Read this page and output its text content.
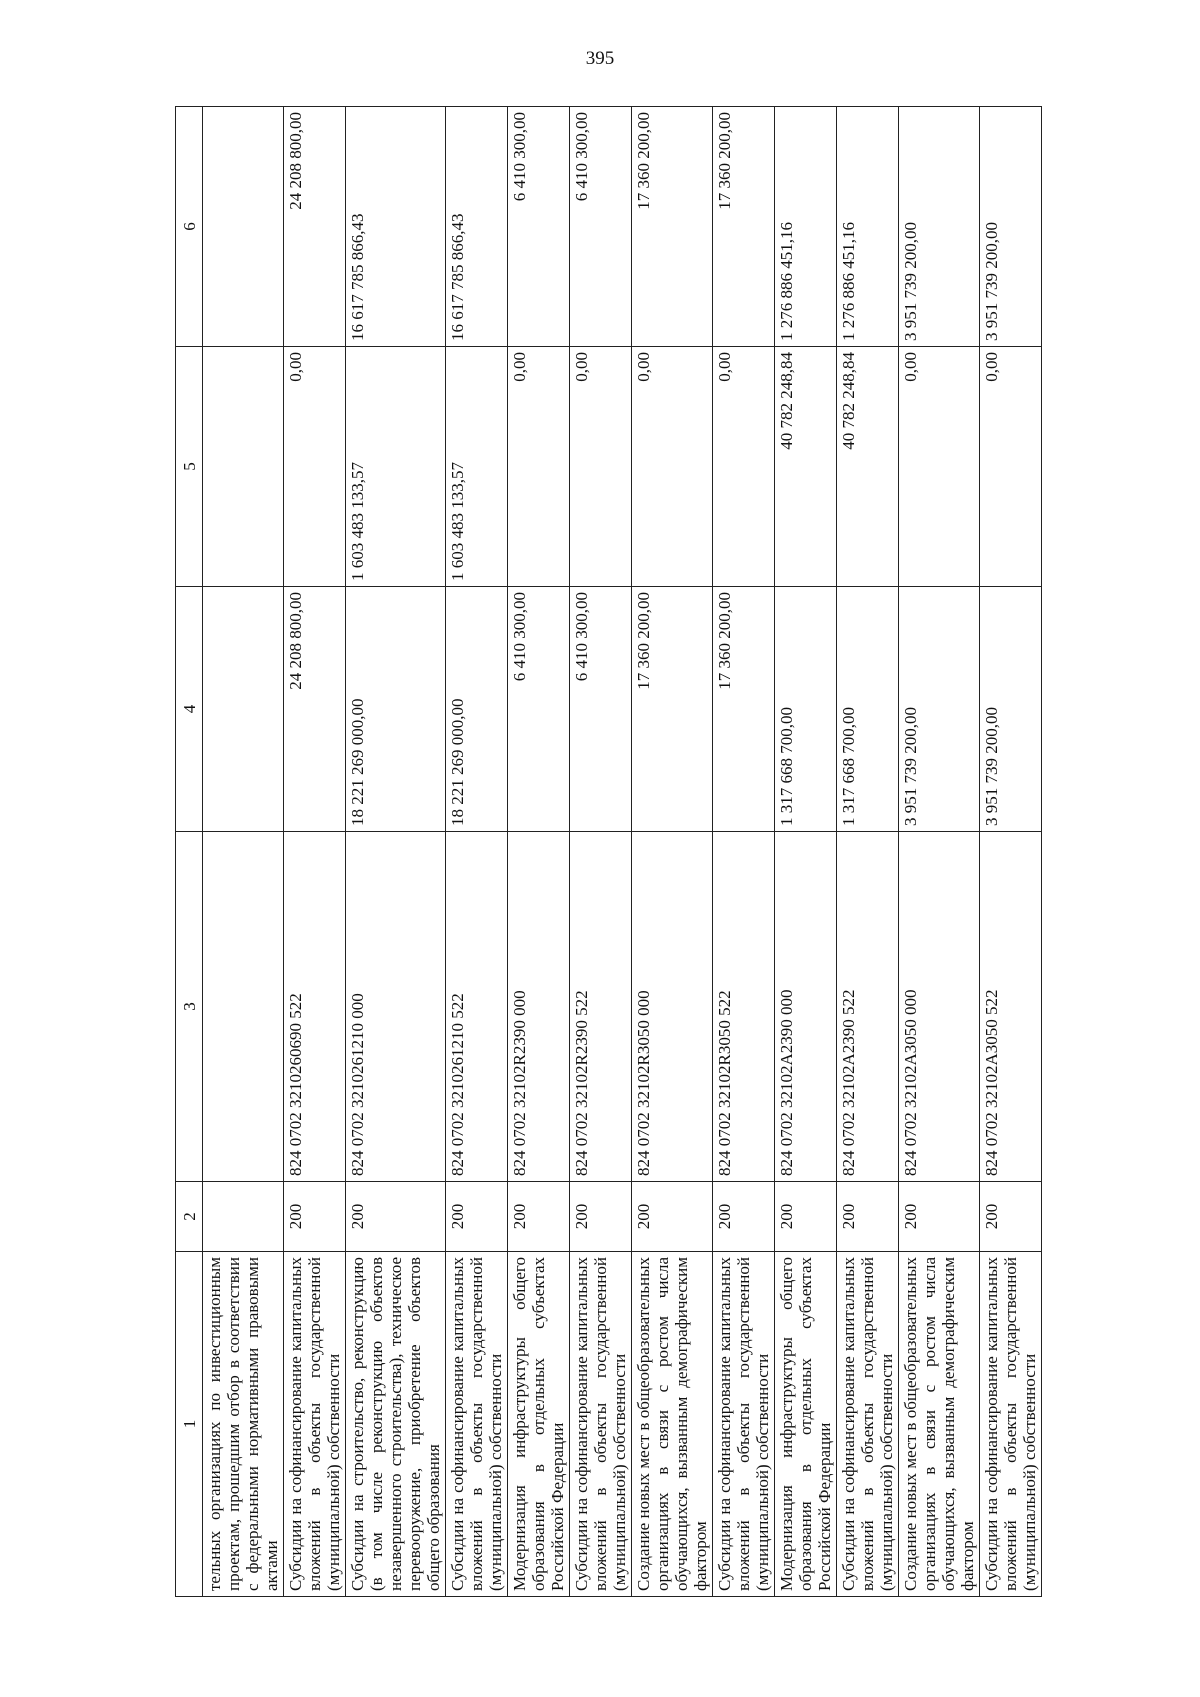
395
1	2	3	4	5	6
тельных организациях по инвестиционным проектам, прошедшим отбор в соответствии с федеральными нормативными правовыми актами					
Субсидии на софинансирование капитальных вложений в объекты государственной (муниципальной) собственности	200	824 0702 3210260690 522	24 208 800,00	0,00	24 208 800,00
Субсидии на строительство, реконструкцию (в том числе реконструкцию объектов незавершенного строительства), техническое перевооружение, приобретение объектов общего образования	200	824 0702 3210261210 000	18 221 269 000,00	1 603 483 133,57	16 617 785 866,43
Субсидии на софинансирование капитальных вложений в объекты государственной (муниципальной) собственности	200	824 0702 3210261210 522	18 221 269 000,00	1 603 483 133,57	16 617 785 866,43
Модернизация инфраструктуры общего образования в отдельных субъектах Российской Федерации	200	824 0702 32102R2390 000	6 410 300,00	0,00	6 410 300,00
Субсидии на софинансирование капитальных вложений в объекты государственной (муниципальной) собственности	200	824 0702 32102R2390 522	6 410 300,00	0,00	6 410 300,00
Создание новых мест в общеобразовательных организациях в связи с ростом числа обучающихся, вызванным демографическим фактором	200	824 0702 32102R3050 000	17 360 200,00	0,00	17 360 200,00
Субсидии на софинансирование капитальных вложений в объекты государственной (муниципальной) собственности	200	824 0702 32102R3050 522	17 360 200,00	0,00	17 360 200,00
Модернизация инфраструктуры общего образования в отдельных субъектах Российской Федерации	200	824 0702 32102A2390 000	1 317 668 700,00	40 782 248,84	1 276 886 451,16
Субсидии на софинансирование капитальных вложений в объекты государственной (муниципальной) собственности	200	824 0702 32102A2390 522	1 317 668 700,00	40 782 248,84	1 276 886 451,16
Создание новых мест в общеобразовательных организациях в связи с ростом числа обучающихся, вызванным демографическим фактором	200	824 0702 32102A3050 000	3 951 739 200,00	0,00	3 951 739 200,00
Субсидии на софинансирование капитальных вложений в объекты государственной (муниципальной) собственности	200	824 0702 32102A3050 522	3 951 739 200,00	0,00	3 951 739 200,00
